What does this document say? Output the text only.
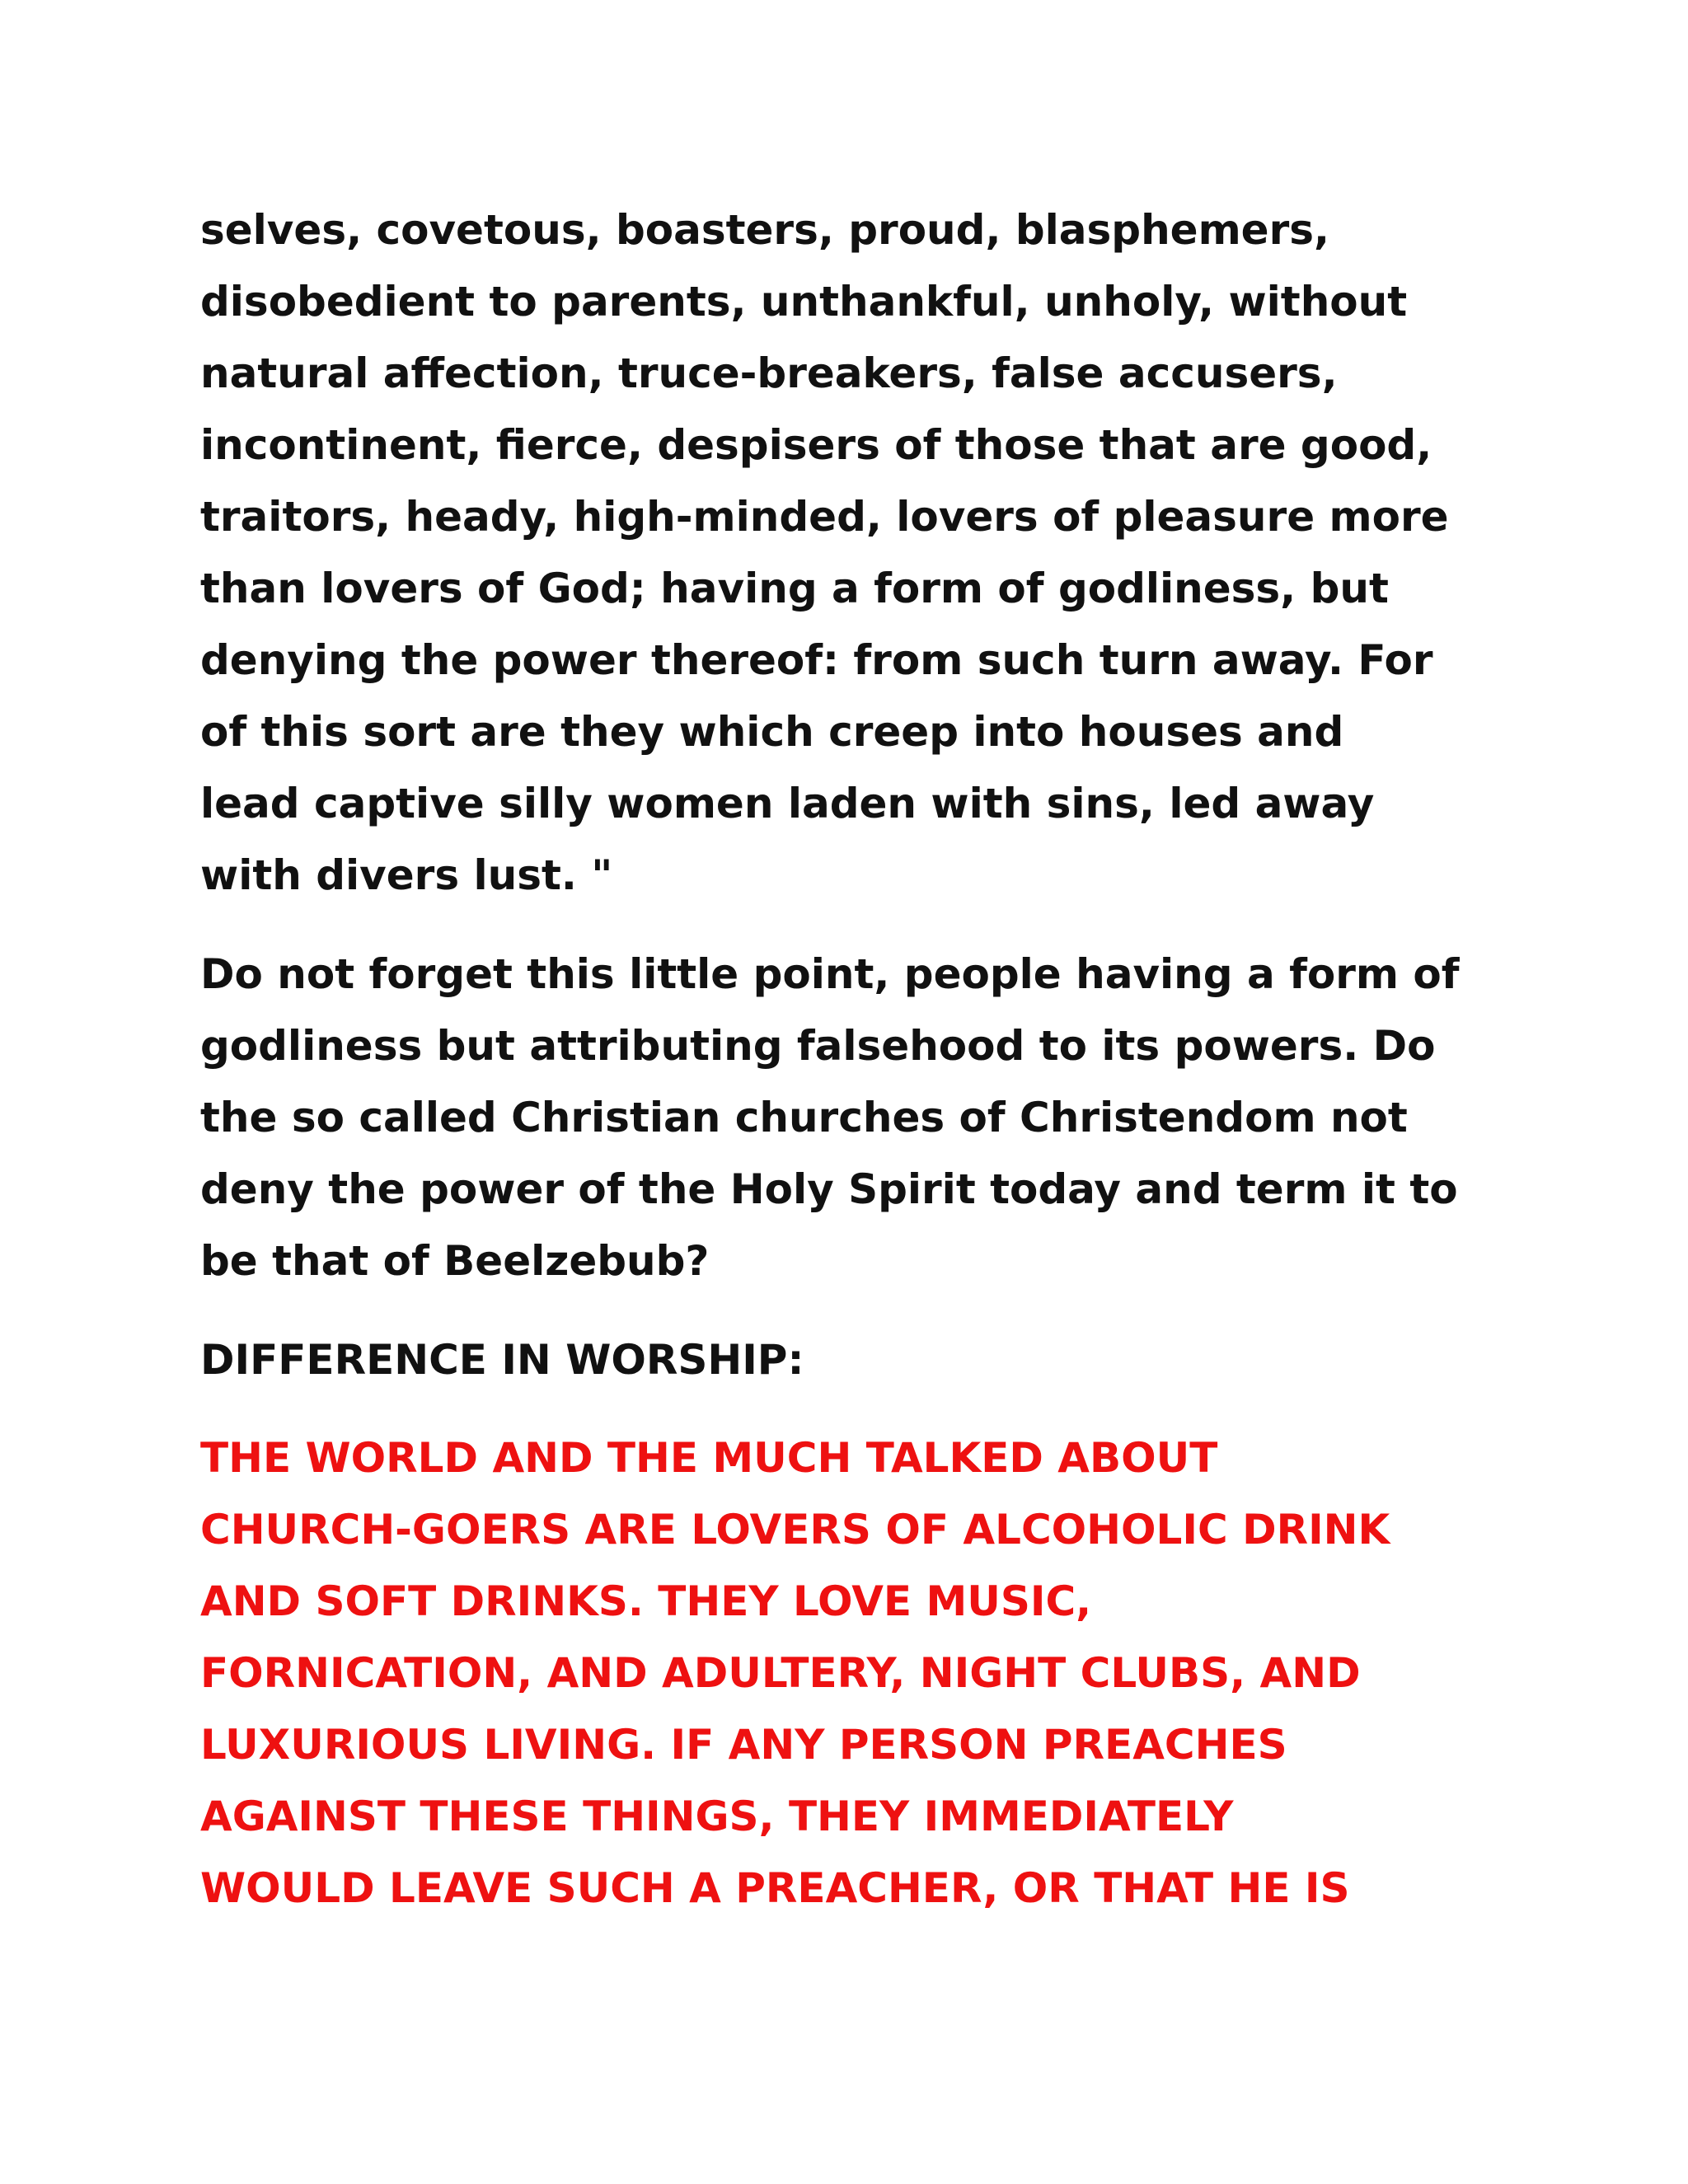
selves, covetous, boasters, proud, blasphemers,
disobedient to parents, unthankful, unholy, without
natural affection, truce-breakers, false accusers,
incontinent, fierce, despisers of those that are good,
traitors, heady, high-minded, lovers of pleasure more
than lovers of God; having a form of godliness, but
denying the power thereof: from such turn away. For
of this sort are they which creep into houses and
lead captive silly women laden with sins, led away
with divers lust. "
Do not forget this little point, people having a form of
godliness but attributing falsehood to its powers. Do
the so called Christian churches of Christendom not
deny the power of the Holy Spirit today and term it to
be that of Beelzebub?
DIFFERENCE IN WORSHIP:
THE WORLD AND THE MUCH TALKED ABOUT
CHURCH-GOERS ARE LOVERS OF ALCOHOLIC DRINK
AND SOFT DRINKS. THEY LOVE MUSIC,
FORNICATION, AND ADULTERY, NIGHT CLUBS, AND
LUXURIOUS LIVING. IF ANY PERSON PREACHES
AGAINST THESE THINGS, THEY IMMEDIATELY
WOULD LEAVE SUCH A PREACHER, OR THAT HE IS
